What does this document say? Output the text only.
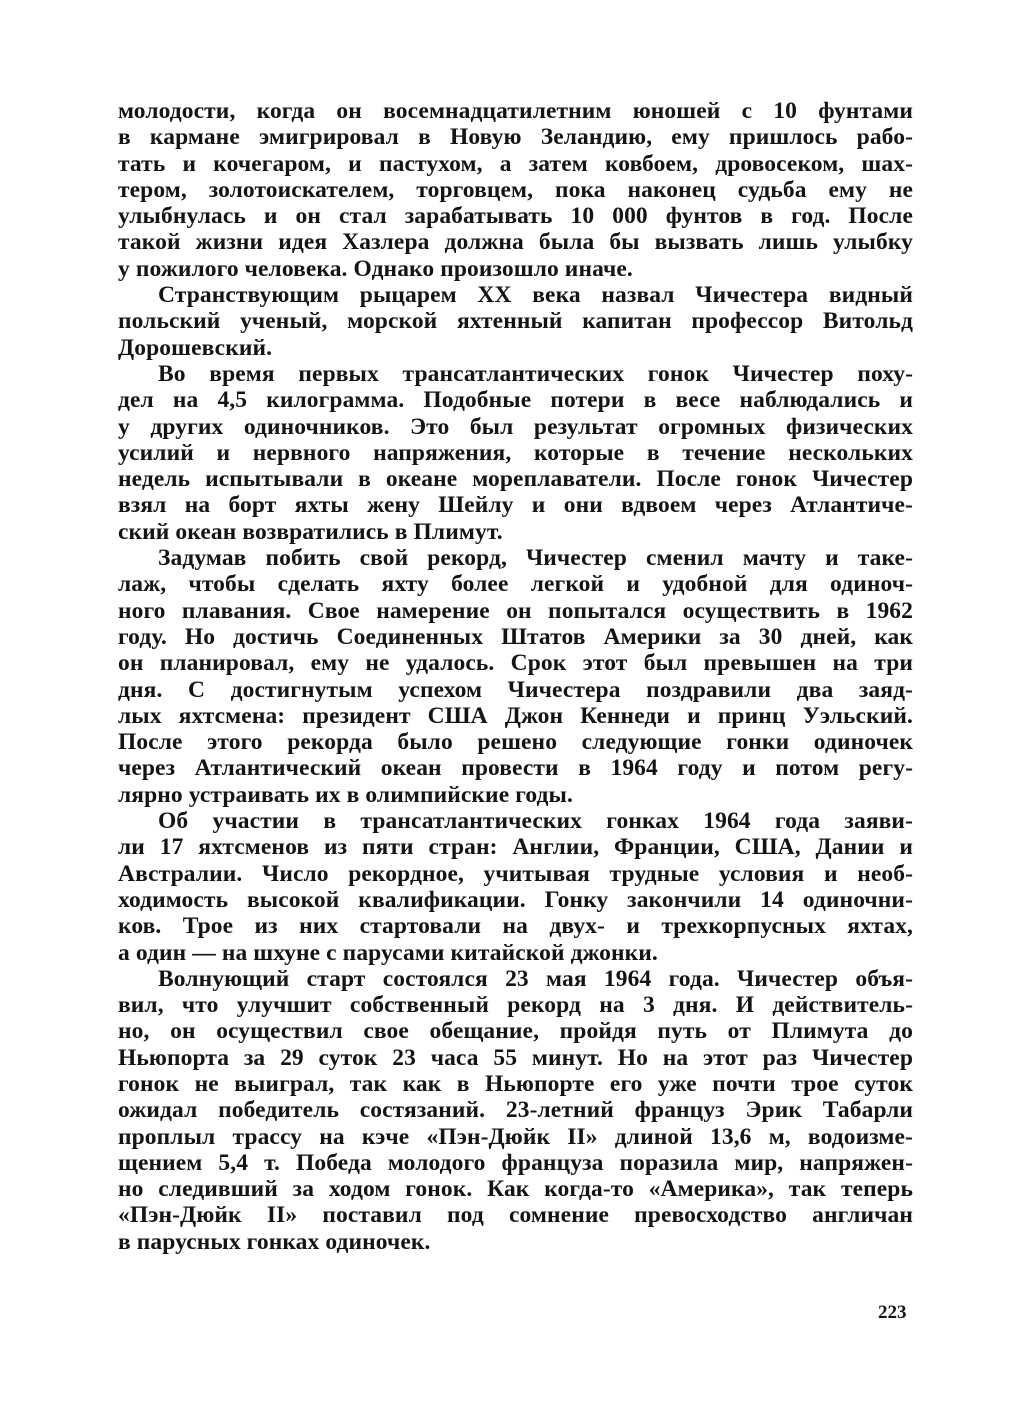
молодости, когда он восемнадцатилетним юношей с 10 фунтами
в кармане эмигрировал в Новую Зеландию, ему пришлось рабо-
тать и кочегаром, и пастухом, а затем ковбоем, дровосеком, шах-
тером, золотоискателем, торговцем, пока наконец судьба ему не
улыбнулась и он стал зарабатывать 10 000 фунтов в год. После
такой жизни идея Хазлера должна была бы вызвать лишь улыбку
у пожилого человека. Однако произошло иначе.
Странствующим рыцарем XX века назвал Чичестера видный
польский ученый, морской яхтенный капитан профессор Витольд
Дорошевский.
Во время первых трансатлантических гонок Чичестер поху-
дел на 4,5 килограмма. Подобные потери в весе наблюдались и
у других одиночников. Это был результат огромных физических
усилий и нервного напряжения, которые в течение нескольких
недель испытывали в океане мореплаватели. После гонок Чичестер
взял на борт яхты жену Шейлу и они вдвоем через Атлантиче-
ский океан возвратились в Плимут.
Задумав побить свой рекорд, Чичестер сменил мачту и таке-
лаж, чтобы сделать яхту более легкой и удобной для одиноч-
ного плавания. Свое намерение он попытался осуществить в 1962
году. Но достичь Соединенных Штатов Америки за 30 дней, как
он планировал, ему не удалось. Срок этот был превышен на три
дня. С достигнутым успехом Чичестера поздравили два заяд-
лых яхтсмена: президент США Джон Кеннеди и принц Уэльский.
После этого рекорда было решено следующие гонки одиночек
через Атлантический океан провести в 1964 году и потом регу-
лярно устраивать их в олимпийские годы.
Об участии в трансатлантических гонках 1964 года заяви-
ли 17 яхтсменов из пяти стран: Англии, Франции, США, Дании и
Австралии. Число рекордное, учитывая трудные условия и необ-
ходимость высокой квалификации. Гонку закончили 14 одиночни-
ков. Трое из них стартовали на двух- и трехкорпусных яхтах,
а один — на шхуне с парусами китайской джонки.
Волнующий старт состоялся 23 мая 1964 года. Чичестер объя-
вил, что улучшит собственный рекорд на 3 дня. И действитель-
но, он осуществил свое обещание, пройдя путь от Плимута до
Ньюпорта за 29 суток 23 часа 55 минут. Но на этот раз Чичестер
гонок не выиграл, так как в Ньюпорте его уже почти трое суток
ожидал победитель состязаний. 23-летний француз Эрик Табарли
проплыл трассу на кэче «Пэн-Дюйк II» длиной 13,6 м, водоизме-
щением 5,4 т. Победа молодого француза поразила мир, напряжен-
но следивший за ходом гонок. Как когда-то «Америка», так теперь
«Пэн-Дюйк II» поставил под сомнение превосходство англичан
в парусных гонках одиночек.
223
